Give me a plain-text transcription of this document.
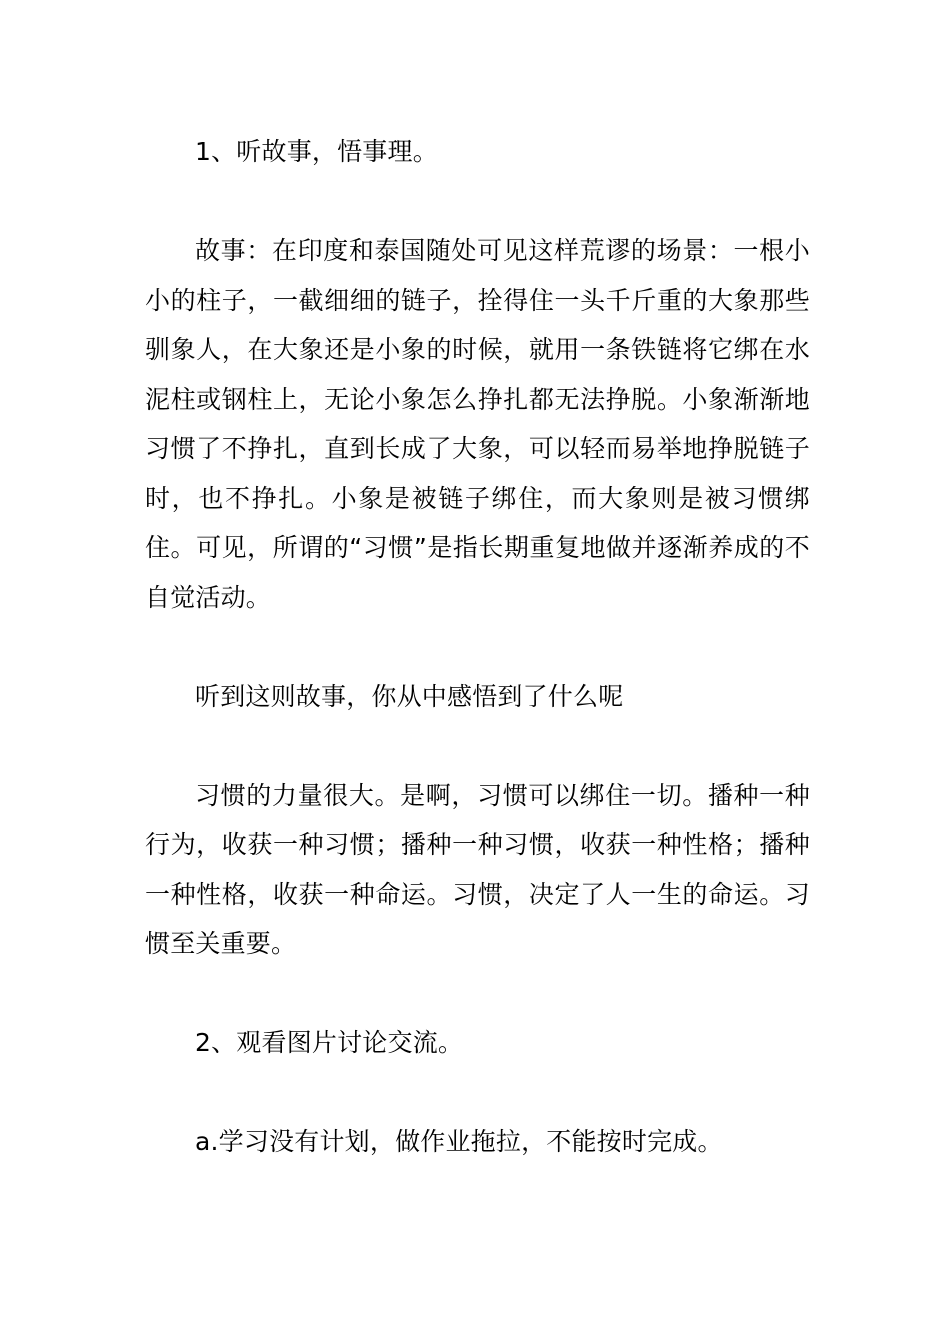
1、听故事，悟事理。

故事：在印度和泰国随处可见这样荒谬的场景：一根小小的柱子，一截细细的链子，拴得住一头千斤重的大象那些驯象人，在大象还是小象的时候，就用一条铁链将它绑在水泥柱或钢柱上，无论小象怎么挣扎都无法挣脱。小象渐渐地习惯了不挣扎，直到长成了大象，可以轻而易举地挣脱链子时，也不挣扎。小象是被链子绑住，而大象则是被习惯绑住。可见，所谓的“习惯”是指长期重复地做并逐渐养成的不自觉活动。

听到这则故事，你从中感悟到了什么呢

习惯的力量很大。是啊，习惯可以绑住一切。播种一种行为，收获一种习惯；播种一种习惯，收获一种性格；播种一种性格，收获一种命运。习惯，决定了人一生的命运。习惯至关重要。

2、观看图片讨论交流。

a.学习没有计划，做作业拖拉，不能按时完成。
